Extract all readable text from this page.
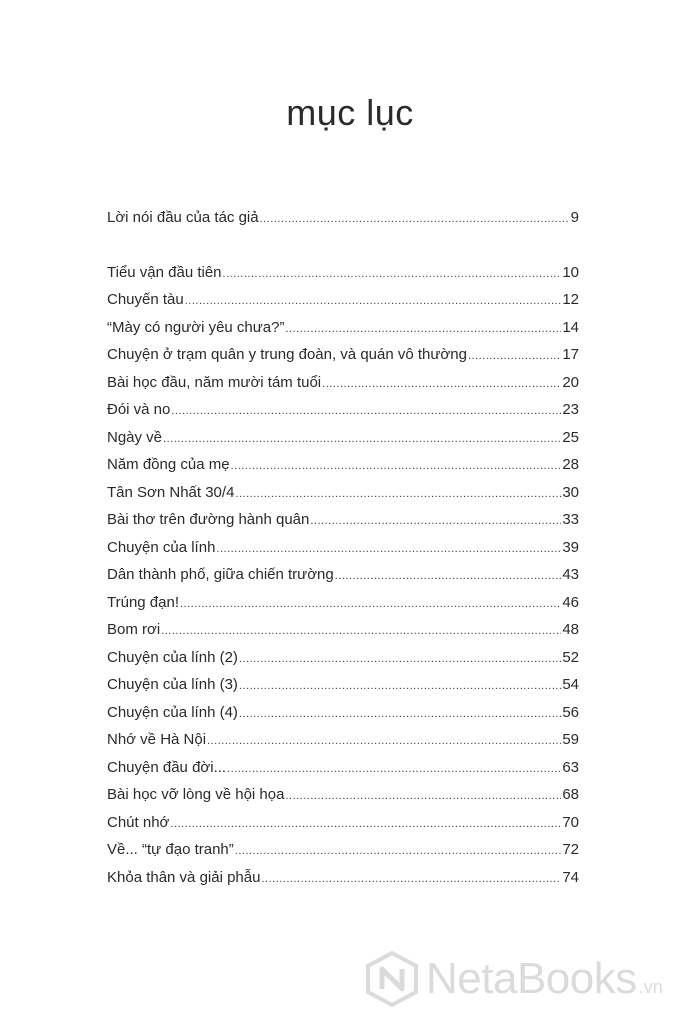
mục lục
Lời nói đầu của tác giả .....	9
Tiểu vận đầu tiên .....	10
Chuyến tàu .....	12
“Mày có người yêu chưa?” .....	14
Chuyện ở trạm quân y trung đoàn, và quán vô thường .....	17
Bài học đầu, năm mười tám tuổi .....	20
Đói và no .....	23
Ngày về .....	25
Năm đồng của mẹ .....	28
Tân Sơn Nhất 30/4 .....	30
Bài thơ trên đường hành quân .....	33
Chuyện của lính .....	39
Dân thành phố, giữa chiến trường .....	43
Trúng đạn! .....	46
Bom rơi .....	48
Chuyện của lính (2) .....	52
Chuyện của lính (3) .....	54
Chuyện của lính (4) .....	56
Nhớ về Hà Nội .....	59
Chuyện đầu đời... .....	63
Bài học vỡ lòng về hội họa .....	68
Chút nhớ .....	70
Về... “tự đạo tranh” .....	72
Khỏa thân và giải phẫu .....	74
NetaBooks .vn
